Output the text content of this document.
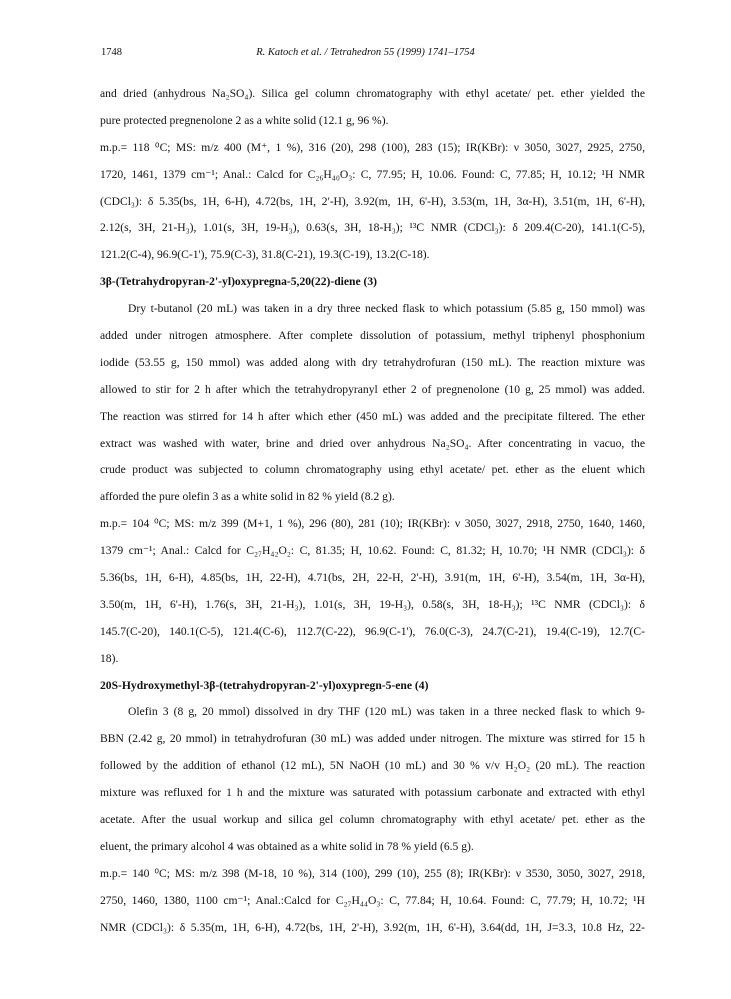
1748	R. Katoch et al. / Tetrahedron 55 (1999) 1741–1754
and dried (anhydrous Na₂SO₄). Silica gel column chromatography with ethyl acetate/ pet. ether yielded the
pure protected pregnenolone 2 as a white solid (12.1 g, 96 %).
m.p.= 118 ⁰C; MS: m/z 400 (M⁺, 1 %), 316 (20), 298 (100), 283 (15); IR(KBr): ν 3050, 3027, 2925, 2750,
1720, 1461, 1379 cm⁻¹; Anal.: Calcd for C₂₆H₄₀O₃: C, 77.95; H, 10.06. Found: C, 77.85; H, 10.12; ¹H NMR
(CDCl₃): δ 5.35(bs, 1H, 6-H), 4.72(bs, 1H, 2'-H), 3.92(m, 1H, 6'-H), 3.53(m, 1H, 3α-H), 3.51(m, 1H, 6'-H),
2.12(s, 3H, 21-H₃), 1.01(s, 3H, 19-H₃), 0.63(s, 3H, 18-H₃); ¹³C NMR (CDCl₃): δ 209.4(C-20), 141.1(C-5),
121.2(C-4), 96.9(C-1'), 75.9(C-3), 31.8(C-21), 19.3(C-19), 13.2(C-18).
3β-(Tetrahydropyran-2'-yl)oxypregna-5,20(22)-diene (3)
Dry t-butanol (20 mL) was taken in a dry three necked flask to which potassium (5.85 g, 150 mmol) was
added under nitrogen atmosphere. After complete dissolution of potassium, methyl triphenyl phosphonium
iodide (53.55 g, 150 mmol) was added along with dry tetrahydrofuran (150 mL). The reaction mixture was
allowed to stir for 2 h after which the tetrahydropyranyl ether 2 of pregnenolone (10 g, 25 mmol) was added.
The reaction was stirred for 14 h after which ether (450 mL) was added and the precipitate filtered. The ether
extract was washed with water, brine and dried over anhydrous Na₂SO₄. After concentrating in vacuo, the
crude product was subjected to column chromatography using ethyl acetate/ pet. ether as the eluent which
afforded the pure olefin 3 as a white solid in 82 % yield (8.2 g).
m.p.= 104 ⁰C; MS: m/z 399 (M+1, 1 %), 296 (80), 281 (10); IR(KBr): ν 3050, 3027, 2918, 2750, 1640, 1460,
1379 cm⁻¹; Anal.: Calcd for C₂₇H₄₂O₂: C, 81.35; H, 10.62. Found: C, 81.32; H, 10.70; ¹H NMR (CDCl₃): δ
5.36(bs, 1H, 6-H), 4.85(bs, 1H, 22-H), 4.71(bs, 2H, 22-H, 2'-H), 3.91(m, 1H, 6'-H), 3.54(m, 1H, 3α-H),
3.50(m, 1H, 6'-H), 1.76(s, 3H, 21-H₃), 1.01(s, 3H, 19-H₃), 0.58(s, 3H, 18-H₃); ¹³C NMR (CDCl₃): δ
145.7(C-20), 140.1(C-5), 121.4(C-6), 112.7(C-22), 96.9(C-1'), 76.0(C-3), 24.7(C-21), 19.4(C-19), 12.7(C-
18).
20S-Hydroxymethyl-3β-(tetrahydropyran-2'-yl)oxypregn-5-ene (4)
Olefin 3 (8 g, 20 mmol) dissolved in dry THF (120 mL) was taken in a three necked flask to which 9-
BBN (2.42 g, 20 mmol) in tetrahydrofuran (30 mL) was added under nitrogen. The mixture was stirred for 15 h
followed by the addition of ethanol (12 mL), 5N NaOH (10 mL) and 30 % v/v H₂O₂ (20 mL). The reaction
mixture was refluxed for 1 h and the mixture was saturated with potassium carbonate and extracted with ethyl
acetate. After the usual workup and silica gel column chromatography with ethyl acetate/ pet. ether as the
eluent, the primary alcohol 4 was obtained as a white solid in 78 % yield (6.5 g).
m.p.= 140 ⁰C; MS: m/z 398 (M-18, 10 %), 314 (100), 299 (10), 255 (8); IR(KBr): ν 3530, 3050, 3027, 2918,
2750, 1460, 1380, 1100 cm⁻¹; Anal.:Calcd for C₂₇H₄₄O₃: C, 77.84; H, 10.64. Found: C, 77.79; H, 10.72; ¹H
NMR (CDCl₃): δ 5.35(m, 1H, 6-H), 4.72(bs, 1H, 2'-H), 3.92(m, 1H, 6'-H), 3.64(dd, 1H, J=3.3, 10.8 Hz, 22-
